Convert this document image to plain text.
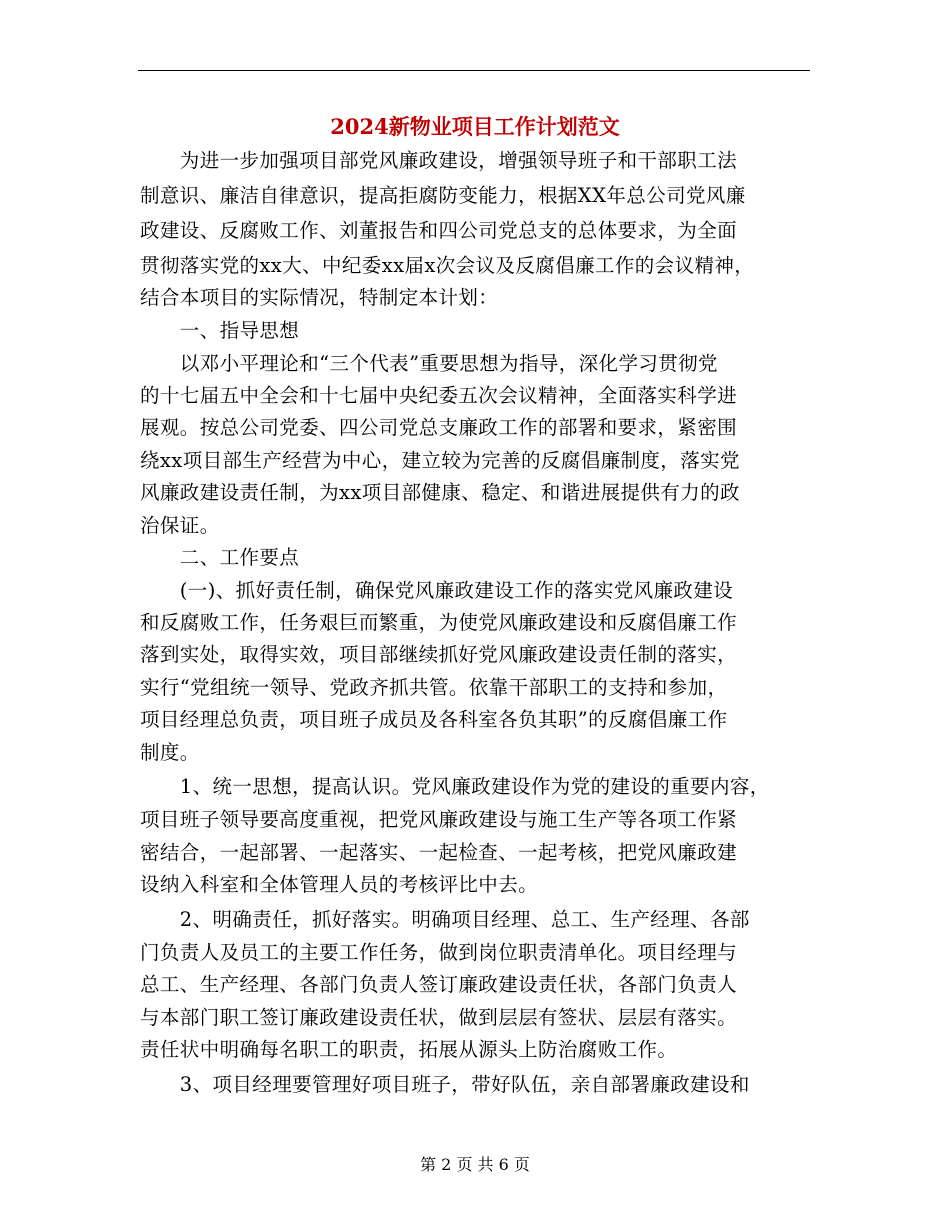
2024新物业项目工作计划范文
　　为进一步加强项目部党风廉政建设，增强领导班子和干部职工法
制意识、廉洁自律意识，提高拒腐防变能力，根据XX年总公司党风廉
政建设、反腐败工作、刘董报告和四公司党总支的总体要求，为全面
贯彻落实党的xx大、中纪委xx届x次会议及反腐倡廉工作的会议精神，
结合本项目的实际情况，特制定本计划：
　　一、指导思想
　　以邓小平理论和“三个代表”重要思想为指导，深化学习贯彻党
的十七届五中全会和十七届中央纪委五次会议精神，全面落实科学进
展观。按总公司党委、四公司党总支廉政工作的部署和要求，紧密围
绕xx项目部生产经营为中心，建立较为完善的反腐倡廉制度，落实党
风廉政建设责任制，为xx项目部健康、稳定、和谐进展提供有力的政
治保证。
　　二、工作要点
　　(一)、抓好责任制，确保党风廉政建设工作的落实党风廉政建设
和反腐败工作，任务艰巨而繁重，为使党风廉政建设和反腐倡廉工作
落到实处，取得实效，项目部继续抓好党风廉政建设责任制的落实，
实行“党组统一领导、党政齐抓共管。依靠干部职工的支持和参加，
项目经理总负责，项目班子成员及各科室各负其职”的反腐倡廉工作
制度。
　　1、统一思想，提高认识。党风廉政建设作为党的建设的重要内容，
项目班子领导要高度重视，把党风廉政建设与施工生产等各项工作紧
密结合，一起部署、一起落实、一起检查、一起考核，把党风廉政建
设纳入科室和全体管理人员的考核评比中去。
　　2、明确责任，抓好落实。明确项目经理、总工、生产经理、各部
门负责人及员工的主要工作任务，做到岗位职责清单化。项目经理与
总工、生产经理、各部门负责人签订廉政建设责任状，各部门负责人
与本部门职工签订廉政建设责任状，做到层层有签状、层层有落实。
责任状中明确每名职工的职责，拓展从源头上防治腐败工作。
　　3、项目经理要管理好项目班子，带好队伍，亲自部署廉政建设和
第 2 页 共 6 页
